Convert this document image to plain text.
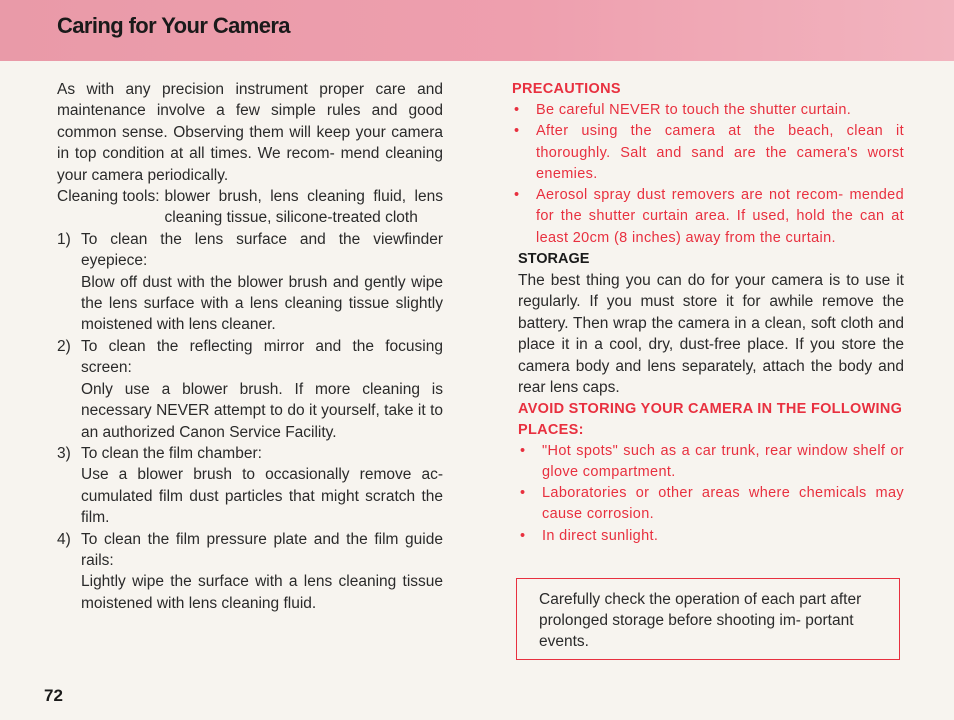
Caring for Your Camera

As with any precision instrument proper care and maintenance involve a few simple rules and good common sense. Observing them will keep your camera in top condition at all times. We recom- mend cleaning your camera periodically.

Cleaning tools: blower brush, lens cleaning fluid, lens cleaning tissue, silicone-treated cloth
1) To clean the lens surface and the viewfinder eyepiece:

Blow off dust with the blower brush and gently wipe the lens surface with a lens cleaning tissue slightly moistened with lens cleaner.

2) To clean the reflecting mirror and the focusing screen:

Only use a blower brush. If more cleaning is necessary NEVER attempt to do it yourself, take it to an authorized Canon Service Facility.

3) To clean the film chamber:

Use a blower brush to occasionally remove ac- cumulated film dust particles that might scratch the film.

4) To clean the film pressure plate and the film guide rails:

Lightly wipe the surface with a lens cleaning tissue moistened with lens cleaning fluid.

PRECAUTIONS

• Be careful NEVER to touch the shutter curtain.
• After using the camera at the beach, clean it thoroughly. Salt and sand are the camera's worst enemies.
• Aerosol spray dust removers are not recom- mended for the shutter curtain area. If used, hold the can at least 20cm (8 inches) away from the curtain.

STORAGE

The best thing you can do for your camera is to use it regularly. If you must store it for awhile remove the battery. Then wrap the camera in a clean, soft cloth and place it in a cool, dry, dust-free place. If you store the camera body and lens separately, attach the body and rear lens caps.

AVOID STORING YOUR CAMERA IN THE FOLLOWING PLACES:

• "Hot spots" such as a car trunk, rear window shelf or glove compartment.
• Laboratories or other areas where chemicals may cause corrosion.
• In direct sunlight.
Carefully check the operation of each part after prolonged storage before shooting im- portant events.
72
